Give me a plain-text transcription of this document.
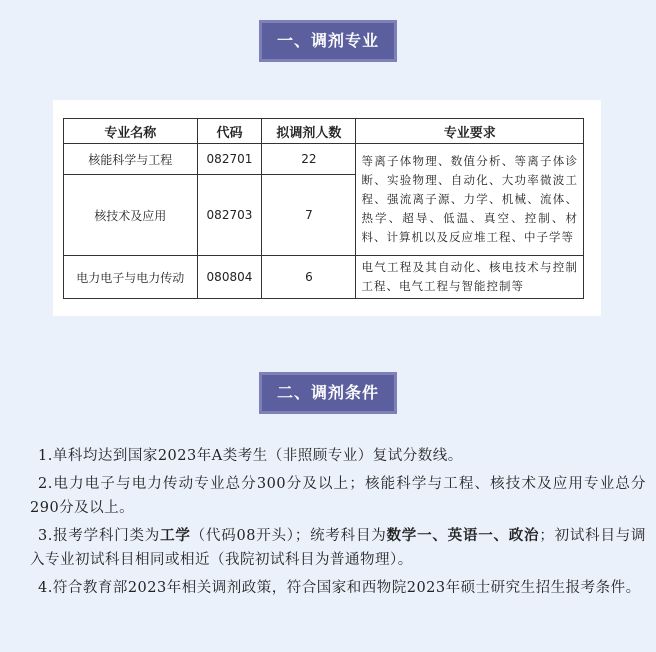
一、调剂专业
专业名称	代码	拟调剂人数	专业要求
核能科学与工程	082701	22	等离子体物理、数值分析、等离子体诊断、实验物理、自动化、大功率微波工程、强流离子源、力学、机械、流体、热学、超导、低温、真空、控制、材料、计算机以及反应堆工程、中子学等
核技术及应用	082703	7	
电力电子与电力传动	080804	6	电气工程及其自动化、核电技术与控制工程、电气工程与智能控制等
二、调剂条件

1.单科均达到国家2023年A类考生（非照顾专业）复试分数线。

2.电力电子与电力传动专业总分300分及以上；核能科学与工程、核技术及应用专业总分290分及以上。

3.报考学科门类为工学（代码08开头）；统考科目为数学一、英语一、政治；初试科目与调入专业初试科目相同或相近（我院初试科目为普通物理）。

4.符合教育部2023年相关调剂政策，符合国家和西物院2023年硕士研究生招生报考条件。
